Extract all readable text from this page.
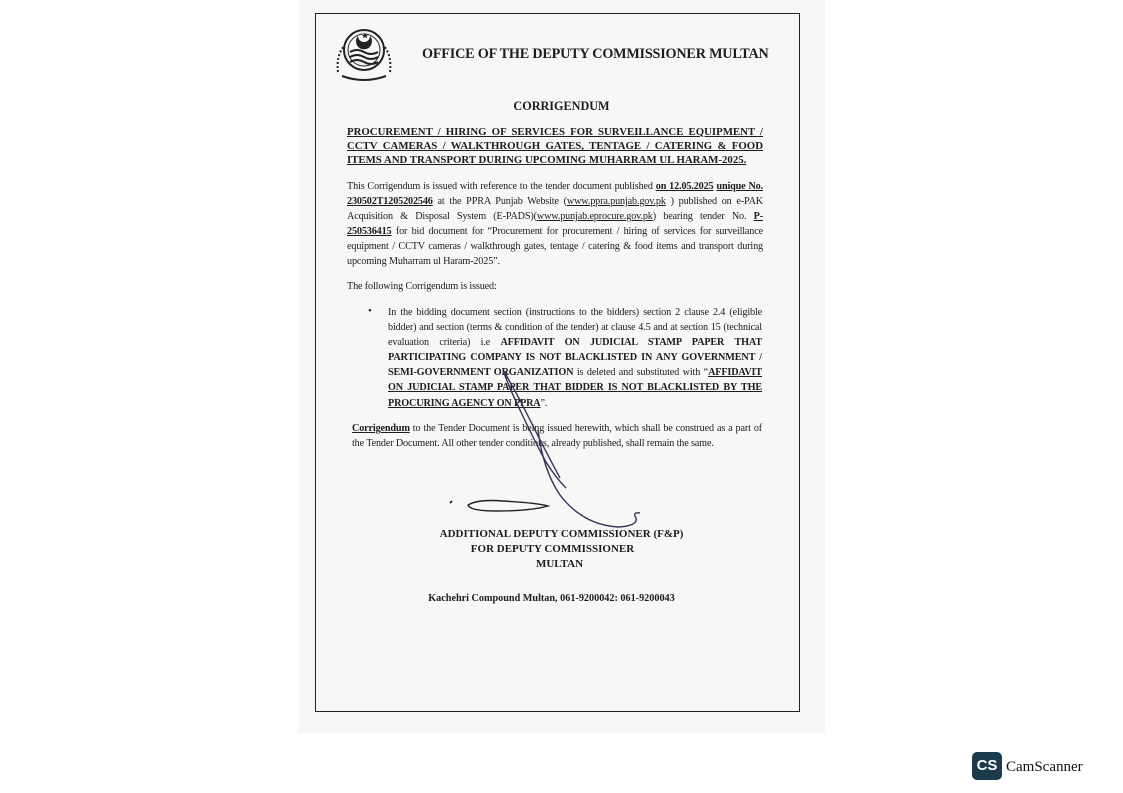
OFFICE OF THE DEPUTY COMMISSIONER MULTAN
CORRIGENDUM
PROCUREMENT / HIRING OF SERVICES FOR SURVEILLANCE EQUIPMENT / CCTV CAMERAS / WALKTHROUGH GATES, TENTAGE / CATERING & FOOD ITEMS AND TRANSPORT DURING UPCOMING MUHARRAM UL HARAM-2025.
This Corrigendum is issued with reference to the tender document published on 12.05.2025 unique No. 230502T1205202546 at the PPRA Punjab Website (www.ppra.punjab.gov.pk ) published on e-PAK Acquisition & Disposal System (E-PADS)(www.punjab.eprocure.gov.pk) bearing tender No. P-250536415 for bid document for “Procurement for procurement / hiring of services for surveillance equipment / CCTV cameras / walkthrough gates, tentage / catering & food items and transport during upcoming Muharram ul Haram-2025”.
The following Corrigendum is issued:
• In the bidding document section (instructions to the bidders) section 2 clause 2.4 (eligible bidder) and section (terms & condition of the tender) at clause 4.5 and at section 15 (technical evaluation criteria) i.e AFFIDAVIT ON JUDICIAL STAMP PAPER THAT PARTICIPATING COMPANY IS NOT BLACKLISTED IN ANY GOVERNMENT / SEMI-GOVERNMENT ORGANIZATION is deleted and substituted with “AFFIDAVIT ON JUDICIAL STAMP PAPER THAT BIDDER IS NOT BLACKLISTED BY THE PROCURING AGENCY ON PPRA”.
Corrigendum to the Tender Document is being issued herewith, which shall be construed as a part of the Tender Document. All other tender conditions, already published, shall remain the same.
ADDITIONAL DEPUTY COMMISSIONER (F&P)
FOR DEPUTY COMMISSIONER
MULTAN
Kachehri Compound Multan, 061-9200042: 061-9200043
CS CamScanner
